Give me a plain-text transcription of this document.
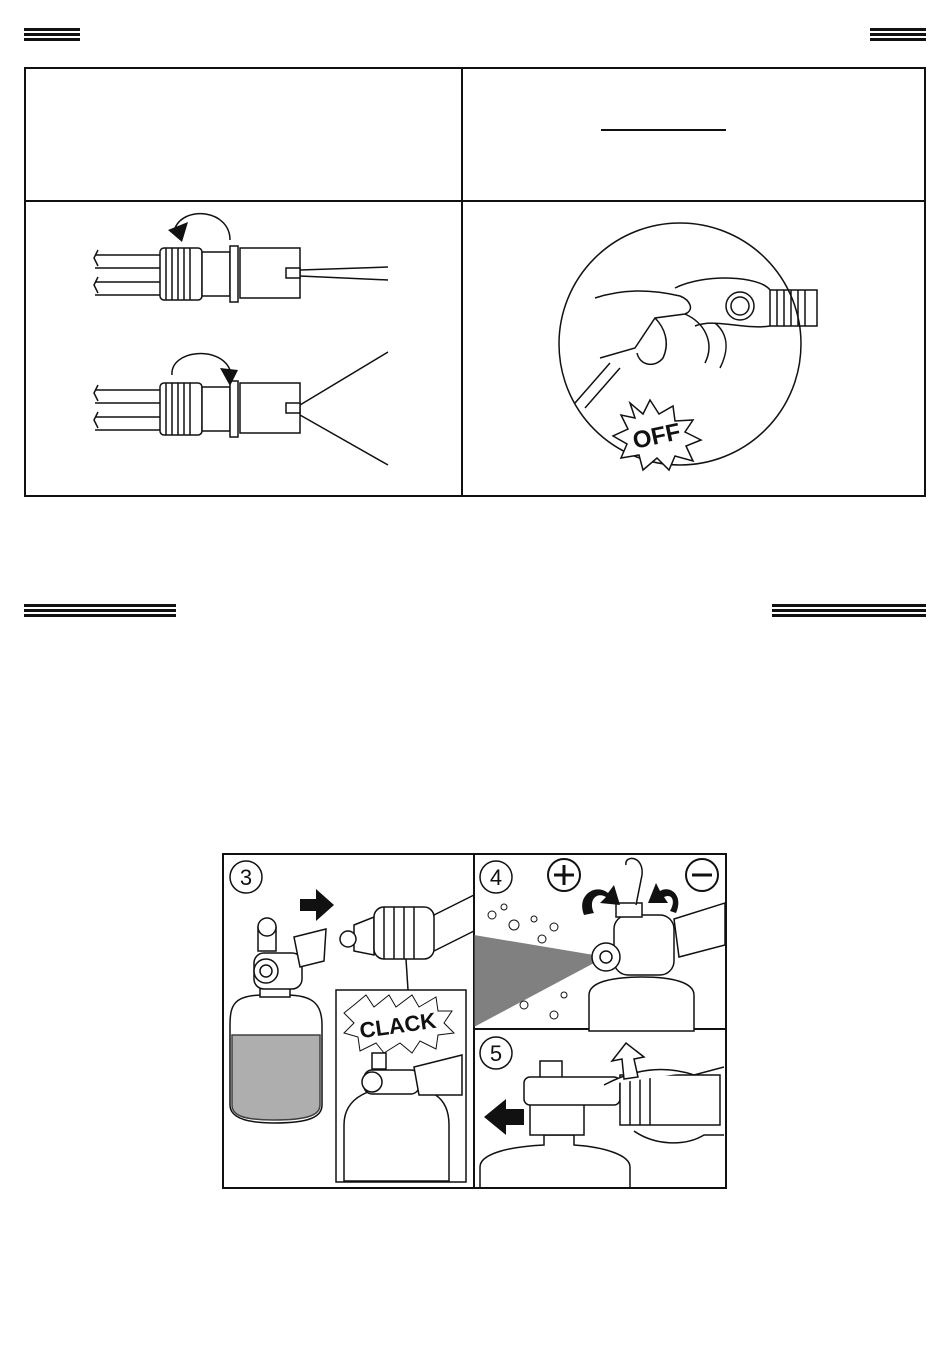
OFF
3
CLACK
4
5
